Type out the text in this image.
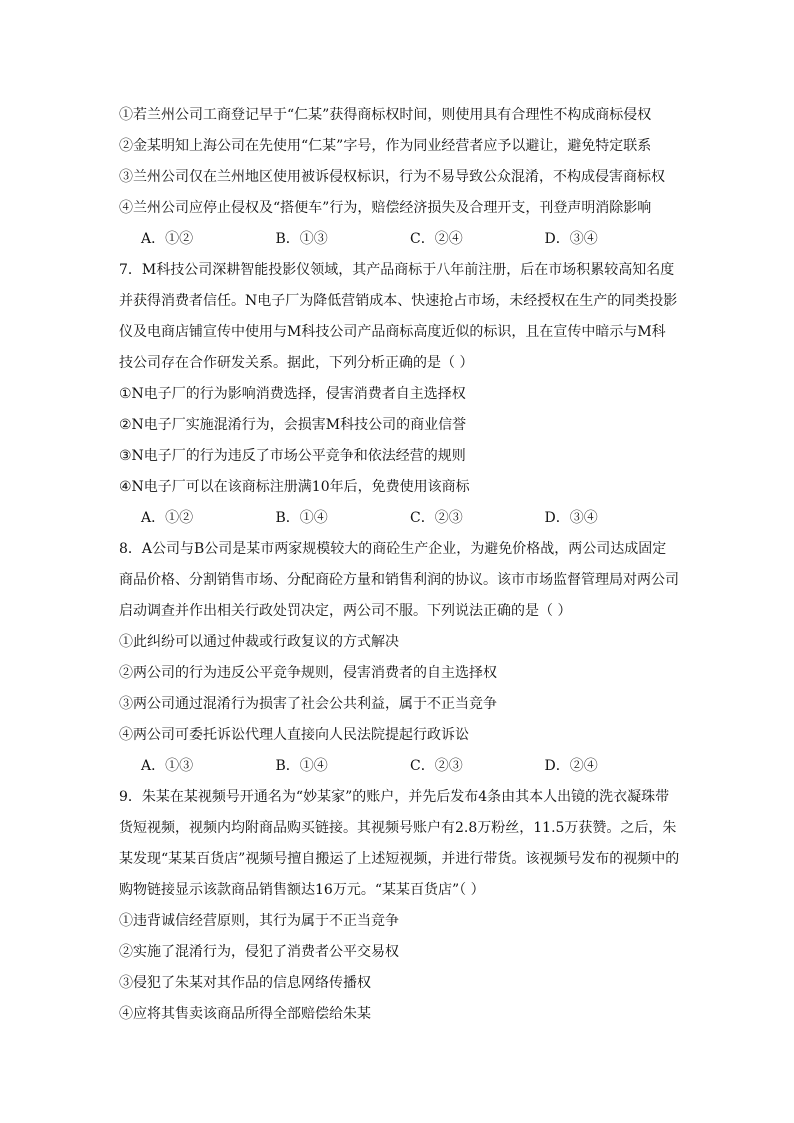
①若兰州公司工商登记早于“仁某”获得商标权时间，则使用具有合理性不构成商标侵权
②金某明知上海公司在先使用“仁某”字号，作为同业经营者应予以避让，避免特定联系
③兰州公司仅在兰州地区使用被诉侵权标识，行为不易导致公众混淆，不构成侵害商标权
④兰州公司应停止侵权及“搭便车”行为，赔偿经济损失及合理开支，刊登声明消除影响
A．①②	B．①③	C．②④	D．③④
7．M科技公司深耕智能投影仪领域，其产品商标于八年前注册，后在市场积累较高知名度
并获得消费者信任。N电子厂为降低营销成本、快速抢占市场，未经授权在生产的同类投影
仪及电商店铺宣传中使用与M科技公司产品商标高度近似的标识，且在宣传中暗示与M科
技公司存在合作研发关系。据此，下列分析正确的是（ ）
①N电子厂的行为影响消费选择，侵害消费者自主选择权
②N电子厂实施混淆行为，会损害M科技公司的商业信誉
③N电子厂的行为违反了市场公平竞争和依法经营的规则
④N电子厂可以在该商标注册满10年后，免费使用该商标
A．①②	B．①④	C．②③	D．③④
8．A公司与B公司是某市两家规模较大的商砼生产企业，为避免价格战，两公司达成固定
商品价格、分割销售市场、分配商砼方量和销售利润的协议。该市市场监督管理局对两公司
启动调查并作出相关行政处罚决定，两公司不服。下列说法正确的是（ ）
①此纠纷可以通过仲裁或行政复议的方式解决
②两公司的行为违反公平竞争规则，侵害消费者的自主选择权
③两公司通过混淆行为损害了社会公共利益，属于不正当竞争
④两公司可委托诉讼代理人直接向人民法院提起行政诉讼
A．①③	B．①④	C．②③	D．②④
9．朱某在某视频号开通名为“妙某家”的账户，并先后发布4条由其本人出镜的洗衣凝珠带
货短视频，视频内均附商品购买链接。其视频号账户有2.8万粉丝，11.5万获赞。之后，朱
某发现“某某百货店”视频号擅自搬运了上述短视频，并进行带货。该视频号发布的视频中的
购物链接显示该款商品销售额达16万元。“某某百货店”（ ）
①违背诚信经营原则，其行为属于不正当竞争
②实施了混淆行为，侵犯了消费者公平交易权
③侵犯了朱某对其作品的信息网络传播权
④应将其售卖该商品所得全部赔偿给朱某
